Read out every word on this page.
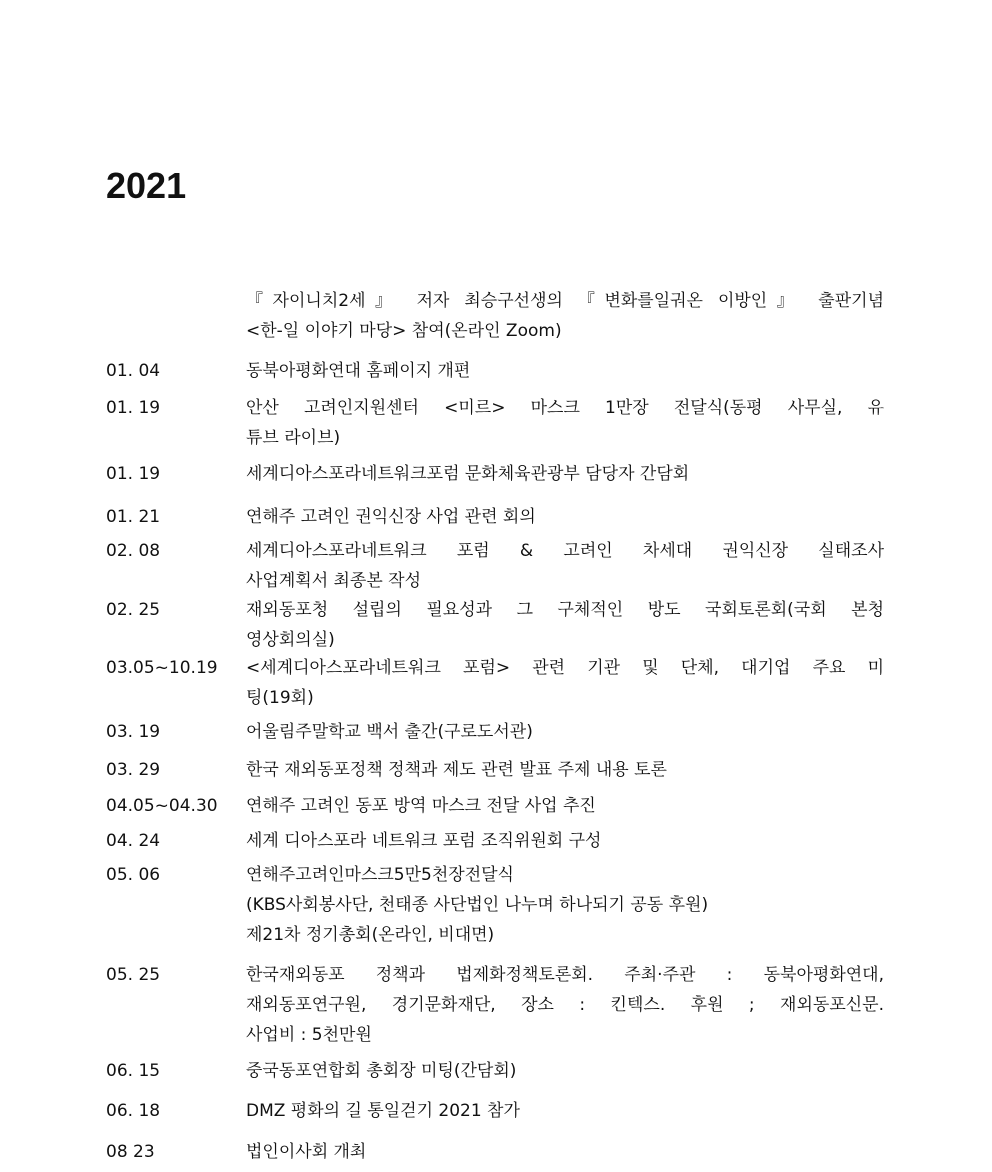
2021
『자이니치2세』 저자 최승구선생의 『변화를일궈온 이방인』 출판기념
<한-일 이야기 마당> 참여(온라인 Zoom)
01. 04	동북아평화연대 홈페이지 개편
01. 19	안산 고려인지원센터 <미르> 마스크 1만장 전달식(동평 사무실, 유
튜브 라이브)
01. 19	세계디아스포라네트워크포럼 문화체육관광부 담당자 간담회
01. 21	연해주 고려인 권익신장 사업 관련 회의
02. 08	세계디아스포라네트워크 포럼 & 고려인 차세대 권익신장 실태조사
사업계획서 최종본 작성
02. 25	재외동포청 설립의 필요성과 그 구체적인 방도 국회토론회(국회 본청
영상회의실)
03.05~10.19 <세계디아스포라네트워크 포럼> 관련 기관 및 단체, 대기업 주요 미
팅(19회)
03. 19	어울림주말학교 백서 출간(구로도서관)
03. 29	한국 재외동포정책 정책과 제도 관련 발표 주제 내용 토론
04.05~04.30 연해주 고려인 동포 방역 마스크 전달 사업 추진
04. 24	세계 디아스포라 네트워크 포럼 조직위원회 구성
05. 06	연해주고려인마스크5만5천장전달식
(KBS사회봉사단, 천태종 사단법인 나누며 하나되기 공동 후원)
제21차 정기총회(온라인, 비대면)
05. 25	한국재외동포 정책과 법제화정책토론회. 주최·주관 : 동북아평화연대,
재외동포연구원, 경기문화재단, 장소 : 킨텍스. 후원 ; 재외동포신문.
사업비 : 5천만원
06. 15	중국동포연합회 총회장 미팅(간담회)
06. 18	DMZ 평화의 길 통일걷기 2021 참가
08 23	법인이사회 개최
